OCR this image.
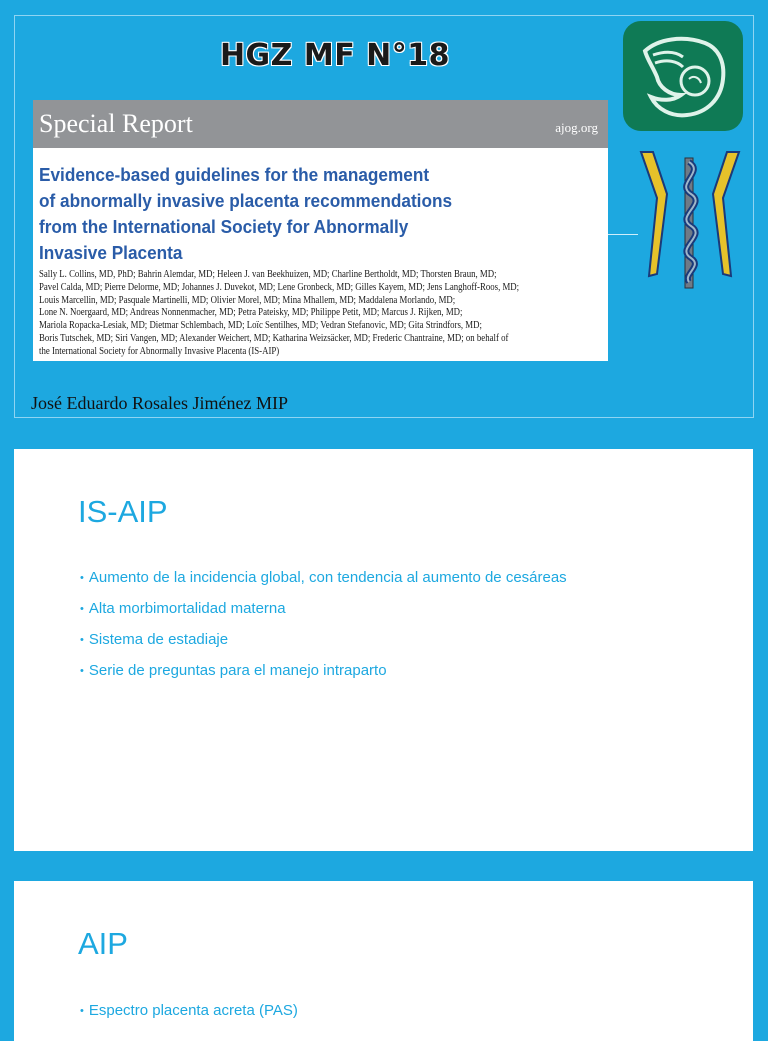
HGZ MF N°18
Special Report	ajog.org
Evidence-based guidelines for the management
of abnormally invasive placenta recommendations
from the International Society for Abnormally
Invasive Placenta
Sally L. Collins, MD, PhD; Bahrin Alemdar, MD; Heleen J. van Beekhuizen, MD; Charline Bertholdt, MD; Thorsten Braun, MD;
Pavel Calda, MD; Pierre Delorme, MD; Johannes J. Duvekot, MD; Lene Gronbeck, MD; Gilles Kayem, MD; Jens Langhoff-Roos, MD;
Louis Marcellin, MD; Pasquale Martinelli, MD; Olivier Morel, MD; Mina Mhallem, MD; Maddalena Morlando, MD;
Lone N. Noergaard, MD; Andreas Nonnenmacher, MD; Petra Pateisky, MD; Philippe Petit, MD; Marcus J. Rijken, MD;
Mariola Ropacka-Lesiak, MD; Dietmar Schlembach, MD; Loïc Sentilhes, MD; Vedran Stefanovic, MD; Gita Strindfors, MD;
Boris Tutschek, MD; Siri Vangen, MD; Alexander Weichert, MD; Katharina Weizsäcker, MD; Frederic Chantraine, MD; on behalf of
the International Society for Abnormally Invasive Placenta (IS-AIP)
José Eduardo Rosales Jiménez MIP
IS-AIP
• Aumento de la incidencia global, con tendencia al aumento de cesáreas
• Alta morbimortalidad materna
• Sistema de estadiaje
• Serie de preguntas para el manejo intraparto
AIP
• Espectro placenta acreta (PAS)
